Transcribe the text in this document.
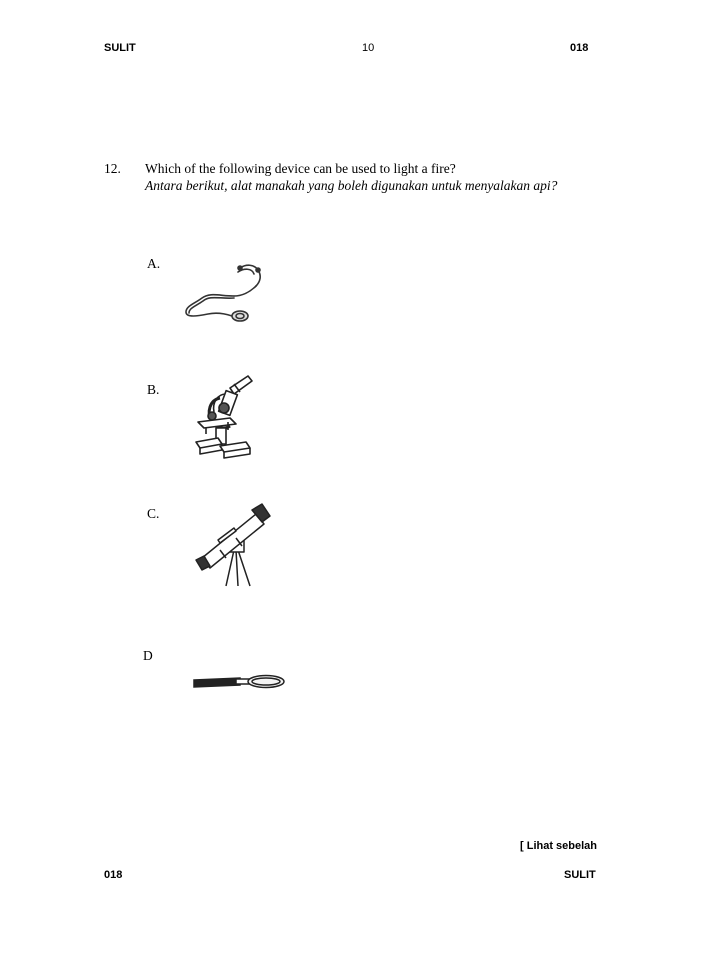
SULIT	10	018
12. Which of the following device can be used to light a fire?
Antara berikut, alat manakah yang boleh digunakan untuk menyalakan api?
A.
B.
C.
D
[ Lihat sebelah
018	SULIT
